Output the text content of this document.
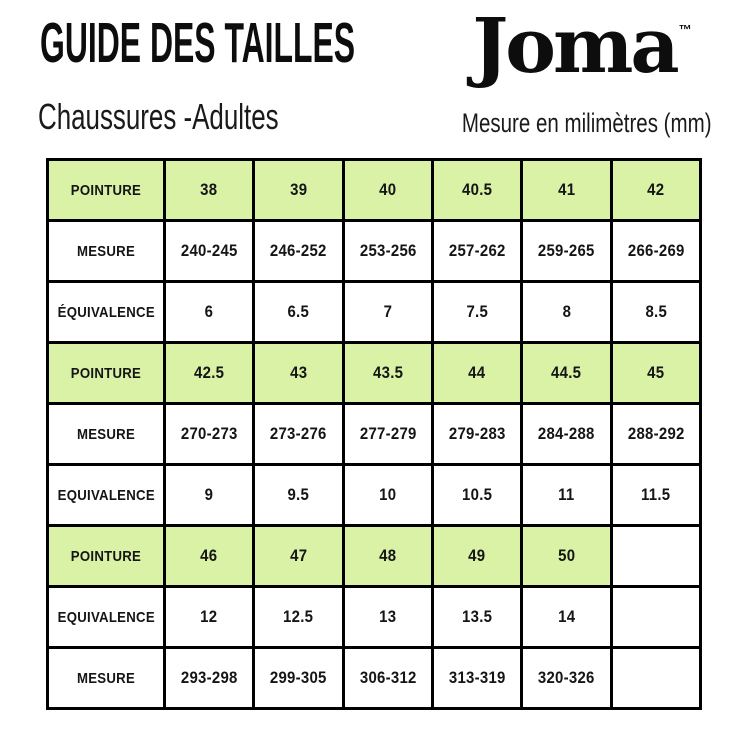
GUIDE DES TAILLES
Chaussures -Adultes
Joma ™
Mesure en milimètres (mm)
POINTURE	38	39	40	40.5	41	42
MESURE	240-245	246-252	253-256	257-262	259-265	266-269
ÉQUIVALENCE	6	6.5	7	7.5	8	8.5
POINTURE	42.5	43	43.5	44	44.5	45
MESURE	270-273	273-276	277-279	279-283	284-288	288-292
EQUIVALENCE	9	9.5	10	10.5	11	11.5
POINTURE	46	47	48	49	50	
EQUIVALENCE	12	12.5	13	13.5	14	
MESURE	293-298	299-305	306-312	313-319	320-326	
